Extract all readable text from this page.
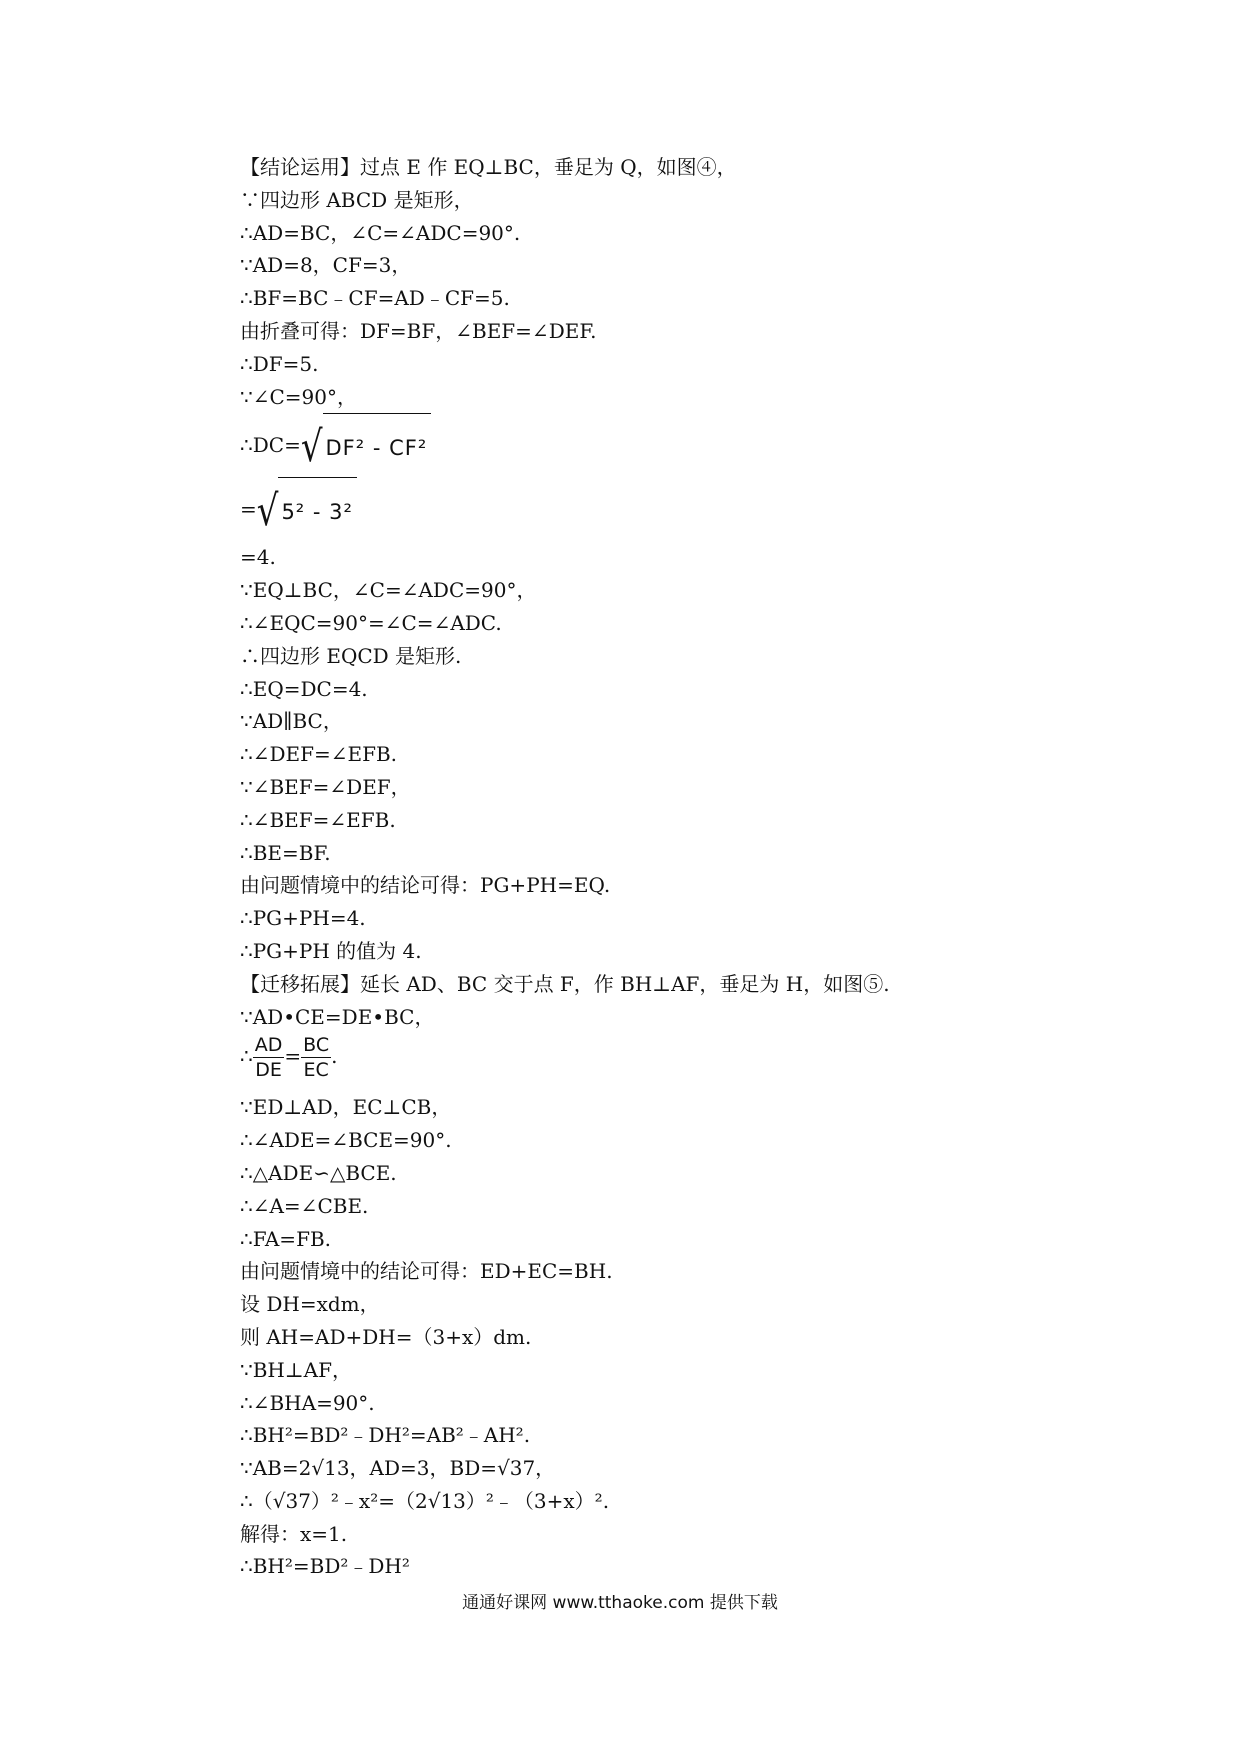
【结论运用】过点 E 作 EQ⊥BC，垂足为 Q，如图④，
∵四边形 ABCD 是矩形，
∴AD=BC，∠C=∠ADC=90°.
∵AD=8，CF=3，
∴BF=BC﹣CF=AD﹣CF=5.
由折叠可得：DF=BF，∠BEF=∠DEF.
∴DF=5.
∵∠C=90°，
∴DC=√ DF² - CF²
=√ 5² - 3²
=4.
∵EQ⊥BC，∠C=∠ADC=90°，
∴∠EQC=90°=∠C=∠ADC.
∴四边形 EQCD 是矩形.
∴EQ=DC=4.
∵AD∥BC，
∴∠DEF=∠EFB.
∵∠BEF=∠DEF，
∴∠BEF=∠EFB.
∴BE=BF.
由问题情境中的结论可得：PG+PH=EQ.
∴PG+PH=4.
∴PG+PH 的值为 4.
【迁移拓展】延长 AD、BC 交于点 F，作 BH⊥AF，垂足为 H，如图⑤.
∵AD•CE=DE•BC，
∴ $\frac{AD}{DE} = \frac{BC}{EC}$ .
∵ED⊥AD，EC⊥CB，
∴∠ADE=∠BCE=90°.
∴△ADE∽△BCE.
∴∠A=∠CBE.
∴FA=FB.
由问题情境中的结论可得：ED+EC=BH.
设 DH=xdm，
则 AH=AD+DH=（3+x）dm.
∵BH⊥AF，
∴∠BHA=90°.
∴BH²=BD²﹣DH²=AB²﹣AH².
∵AB=2√13，AD=3，BD=√37，
∴（√37）²﹣x²=（2√13）²﹣（3+x）².
解得：x=1.
∴BH²=BD²﹣DH²
通通好课网 www.tthaoke.com 提供下载
